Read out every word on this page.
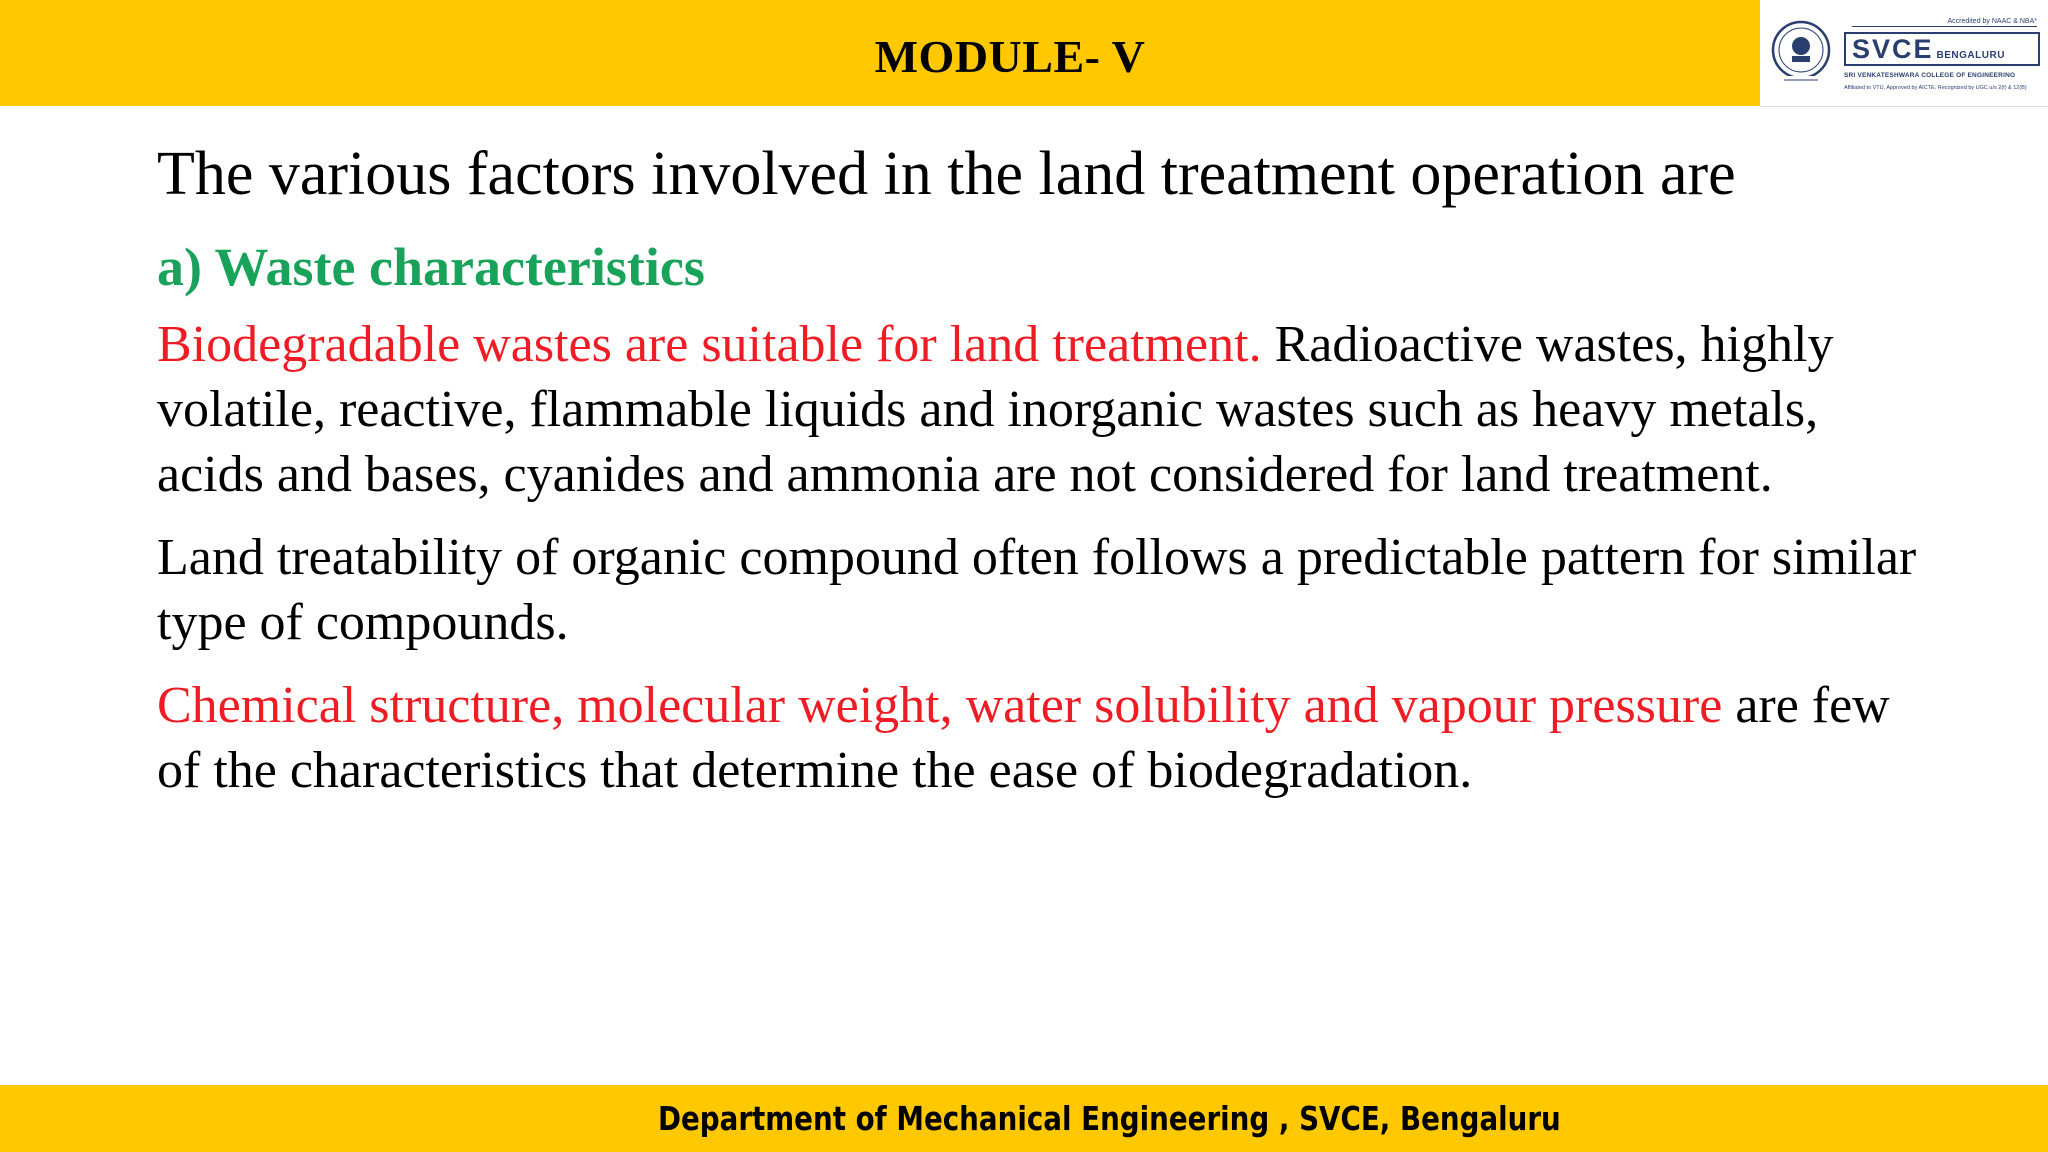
MODULE- V
Accredited by NAAC & NBA*
SVCE BENGALURU
SRI VENKATESHWARA COLLEGE OF ENGINEERING
Affiliated to VTU, Approved by AICTE, Recognized by UGC u/s 2(f) & 12(B)

The various factors involved in the land treatment operation are

a) Waste characteristics

Biodegradable wastes are suitable for land treatment. Radioactive wastes, highly volatile, reactive, flammable liquids and inorganic wastes such as heavy metals, acids and bases, cyanides and ammonia are not considered for land treatment.

Land treatability of organic compound often follows a predictable pattern for similar type of compounds.

Chemical structure, molecular weight, water solubility and vapour pressure are few of the characteristics that determine the ease of biodegradation.

Department of Mechanical Engineering , SVCE, Bengaluru
